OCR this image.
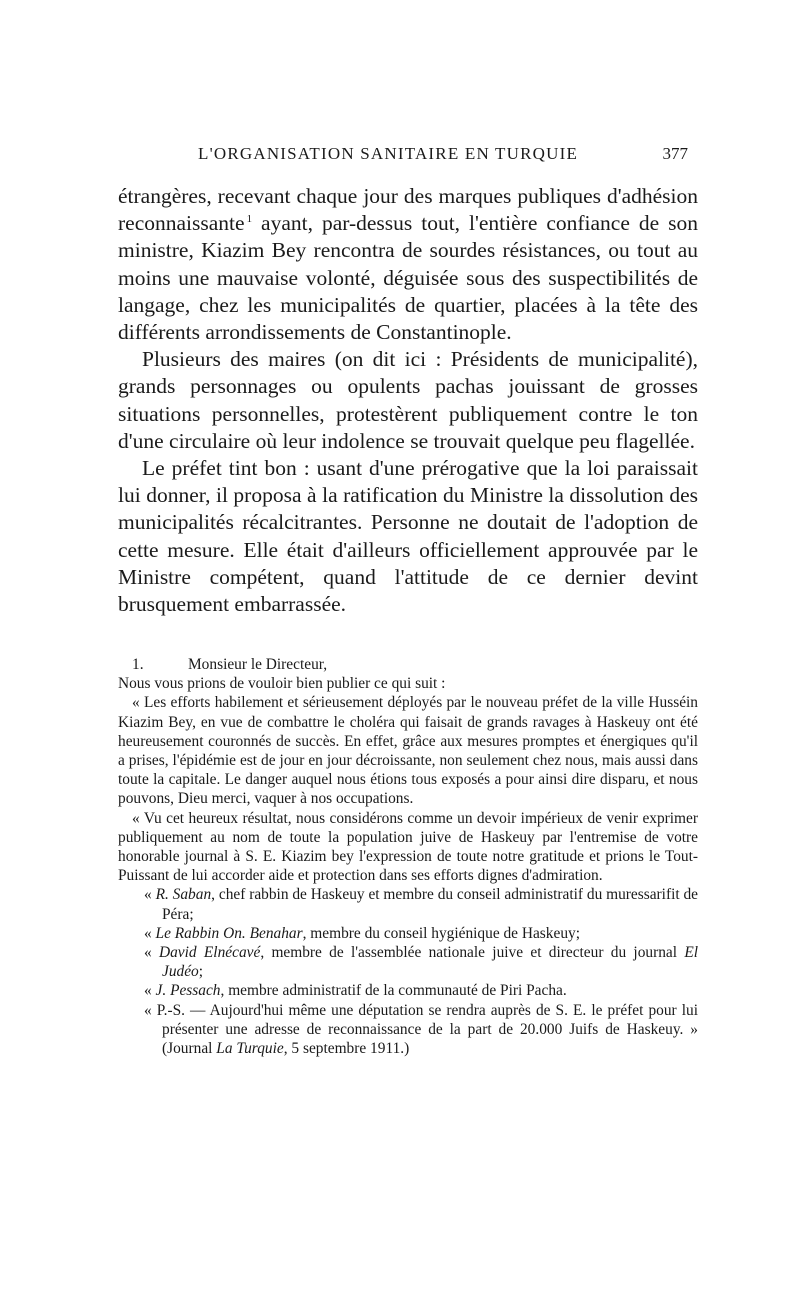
L'ORGANISATION SANITAIRE EN TURQUIE	377

étrangères, recevant chaque jour des marques publiques d'adhésion reconnaissante $^1$ ayant, par-dessus tout, l'entière confiance de son ministre, Kiazim Bey rencontra de sourdes résistances, ou tout au moins une mauvaise volonté, déguisée sous des suspectibilités de langage, chez les municipalités de quartier, placées à la tête des différents arrondissements de Constantinople.

Plusieurs des maires (on dit ici : Présidents de municipalité), grands personnages ou opulents pachas jouissant de grosses situations personnelles, protestèrent publiquement contre le ton d'une circulaire où leur indolence se trouvait quelque peu flagellée.

Le préfet tint bon : usant d'une prérogative que la loi paraissait lui donner, il proposa à la ratification du Ministre la dissolution des municipalités récalcitrantes. Personne ne doutait de l'adoption de cette mesure. Elle était d'ailleurs officiellement approuvée par le Ministre compétent, quand l'attitude de ce dernier devint brusquement embarrassée.

1.	Monsieur le Directeur,

Nous vous prions de vouloir bien publier ce qui suit :

« Les efforts habilement et sérieusement déployés par le nouveau préfet de la ville Husséin Kiazim Bey, en vue de combattre le choléra qui faisait de grands ravages à Haskeuy ont été heureusement couronnés de succès. En effet, grâce aux mesures promptes et énergiques qu'il a prises, l'épidémie est de jour en jour décroissante, non seulement chez nous, mais aussi dans toute la capitale. Le danger auquel nous étions tous exposés a pour ainsi dire disparu, et nous pouvons, Dieu merci, vaquer à nos occupations.

« Vu cet heureux résultat, nous considérons comme un devoir impérieux de venir exprimer publiquement au nom de toute la population juive de Haskeuy par l'entremise de votre honorable journal à S. E. Kiazim bey l'expression de toute notre gratitude et prions le Tout-Puissant de lui accorder aide et protection dans ses efforts dignes d'admiration.

« R. Saban, chef rabbin de Haskeuy et membre du conseil administratif du muressarifit de Péra;

« Le Rabbin On. Benahar, membre du conseil hygiénique de Haskeuy;

« David Elnécavé, membre de l'assemblée nationale juive et directeur du journal El Judéo;

« J. Pessach, membre administratif de la communauté de Piri Pacha.

« P.-S. — Aujourd'hui même une députation se rendra auprès de S. E. le préfet pour lui présenter une adresse de reconnaissance de la part de 20.000 Juifs de Haskeuy. » (Journal La Turquie, 5 septembre 1911.)
